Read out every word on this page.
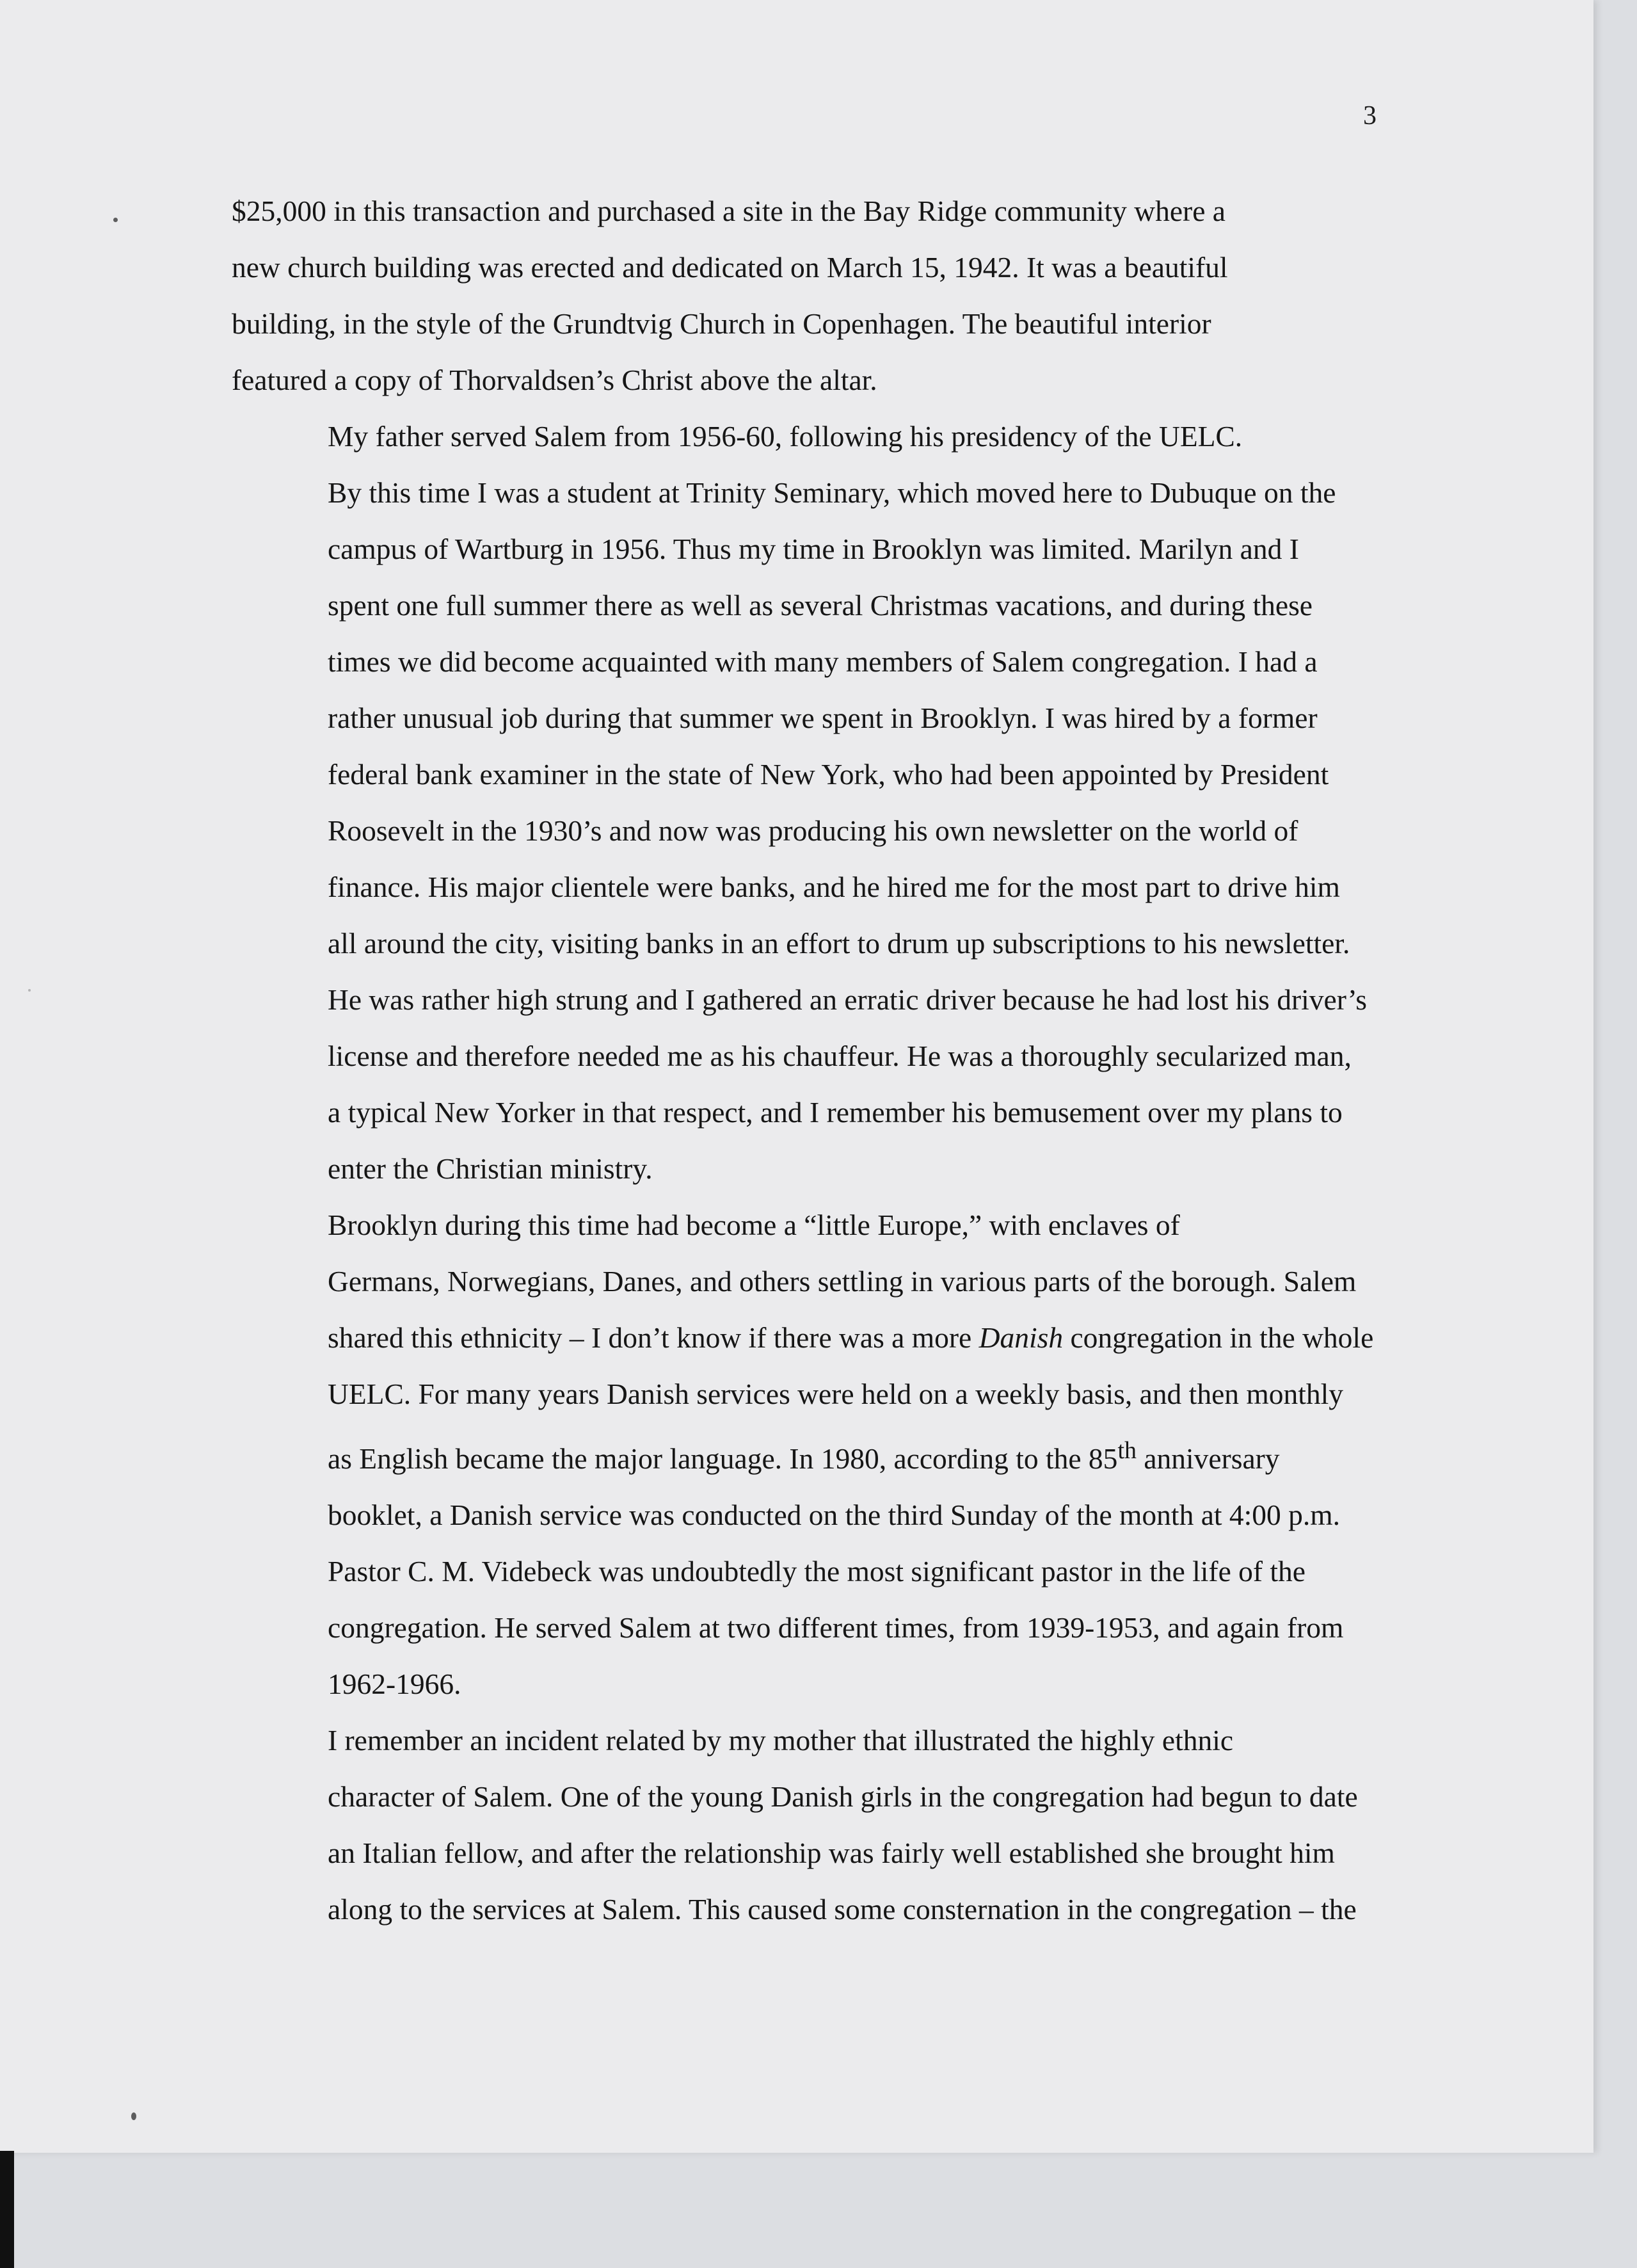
3

$25,000 in this transaction and purchased a site in the Bay Ridge community where a
new church building was erected and dedicated on March 15, 1942. It was a beautiful
building, in the style of the Grundtvig Church in Copenhagen. The beautiful interior
featured a copy of Thorvaldsen’s Christ above the altar.

My father served Salem from 1956-60, following his presidency of the UELC.
By this time I was a student at Trinity Seminary, which moved here to Dubuque on the
campus of Wartburg in 1956. Thus my time in Brooklyn was limited. Marilyn and I
spent one full summer there as well as several Christmas vacations, and during these
times we did become acquainted with many members of Salem congregation. I had a
rather unusual job during that summer we spent in Brooklyn. I was hired by a former
federal bank examiner in the state of New York, who had been appointed by President
Roosevelt in the 1930’s and now was producing his own newsletter on the world of
finance. His major clientele were banks, and he hired me for the most part to drive him
all around the city, visiting banks in an effort to drum up subscriptions to his newsletter.
He was rather high strung and I gathered an erratic driver because he had lost his driver’s
license and therefore needed me as his chauffeur. He was a thoroughly secularized man,
a typical New Yorker in that respect, and I remember his bemusement over my plans to
enter the Christian ministry.

Brooklyn during this time had become a “little Europe,” with enclaves of
Germans, Norwegians, Danes, and others settling in various parts of the borough. Salem
shared this ethnicity – I don’t know if there was a more Danish congregation in the whole
UELC. For many years Danish services were held on a weekly basis, and then monthly
as English became the major language. In 1980, according to the 85th anniversary
booklet, a Danish service was conducted on the third Sunday of the month at 4:00 p.m.
Pastor C. M. Videbeck was undoubtedly the most significant pastor in the life of the
congregation. He served Salem at two different times, from 1939-1953, and again from
1962-1966.

I remember an incident related by my mother that illustrated the highly ethnic
character of Salem. One of the young Danish girls in the congregation had begun to date
an Italian fellow, and after the relationship was fairly well established she brought him
along to the services at Salem. This caused some consternation in the congregation – the
